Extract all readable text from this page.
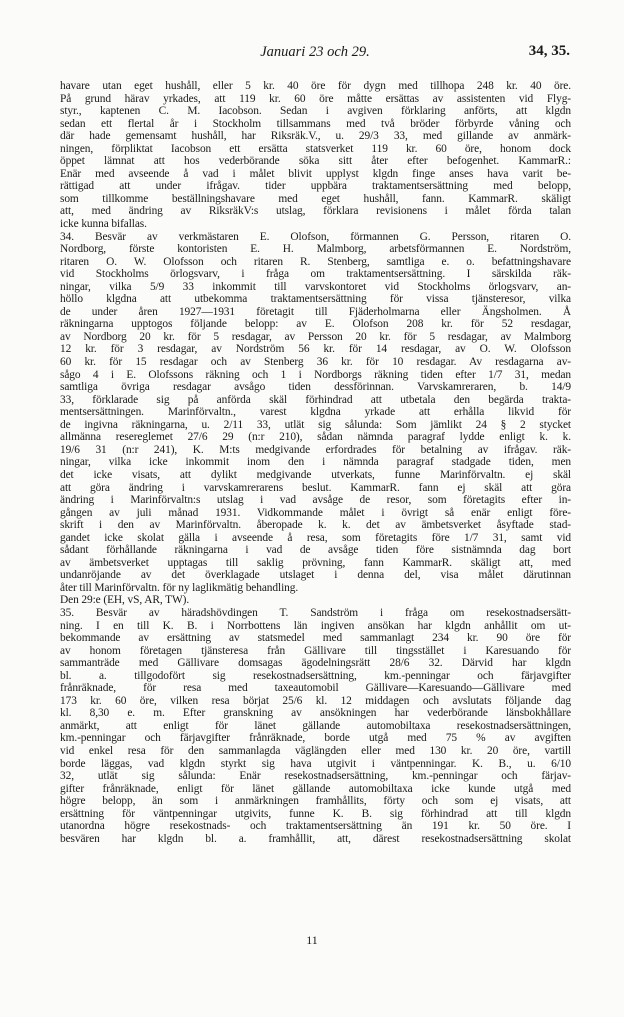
Januari 23 och 29.	34, 35.
havare utan eget hushåll, eller 5 kr. 40 öre för dygn med tillhopa 248 kr. 40 öre.
På grund härav yrkades, att 119 kr. 60 öre måtte ersättas av assistenten vid Flyg-
styr., kaptenen C. M. Iacobson. Sedan i avgiven förklaring anförts, att klgdn
sedan ett flertal år i Stockholm tillsammans med två bröder förbyrde våning och
där hade gemensamt hushåll, har Riksräk.V., u. 29/3 33, med gillande av anmärk-
ningen, förpliktat Iacobson ett ersätta statsverket 119 kr. 60 öre, honom dock
öppet lämnat att hos vederbörande söka sitt åter efter befogenhet. KammarR.:
Enär med avseende å vad i målet blivit upplyst klgdn finge anses hava varit be-
rättigad att under ifrågav. tider uppbära traktamentsersättning med belopp,
som tillkomme beställningshavare med eget hushåll, fann. KammarR. skäligt
att, med ändring av RiksräkV:s utslag, förklara revisionens i målet förda talan
icke kunna bifallas.
34. Besvär av verkmästaren E. Olofson, förmannen G. Persson, ritaren O.
Nordborg, förste kontoristen E. H. Malmborg, arbetsförmannen E. Nordström,
ritaren O. W. Olofsson och ritaren R. Stenberg, samtliga e. o. befattningshavare
vid Stockholms örlogsvarv, i fråga om traktamentsersättning. I särskilda räk-
ningar, vilka 5/9 33 inkommit till varvskontoret vid Stockholms örlogsvarv, an-
höllo klgdna att utbekomma traktamentsersättning för vissa tjänsteresor, vilka
de under åren 1927—1931 företagit till Fjäderholmarna eller Ängsholmen. Å
räkningarna upptogos följande belopp: av E. Olofson 208 kr. för 52 resdagar,
av Nordborg 20 kr. för 5 resdagar, av Persson 20 kr. för 5 resdagar, av Malmborg
12 kr. för 3 resdagar, av Nordström 56 kr. för 14 resdagar, av O. W. Olofsson
60 kr. för 15 resdagar och av Stenberg 36 kr. för 10 resdagar. Av resdagarna av-
sågo 4 i E. Olofssons räkning och 1 i Nordborgs räkning tiden efter 1/7 31, medan
samtliga övriga resdagar avsågo tiden dessförinnan. Varvskamreraren, b. 14/9
33, förklarade sig på anförda skäl förhindrad att utbetala den begärda trakta-
mentsersättningen. Marinförvaltn., varest klgdna yrkade att erhålla likvid för
de ingivna räkningarna, u. 2/11 33, utlät sig sålunda: Som jämlikt 24 § 2 stycket
allmänna resereglemet 27/6 29 (n:r 210), sådan nämnda paragraf lydde enligt k. k.
19/6 31 (n:r 241), K. M:ts medgivande erfordrades för betalning av ifrågav. räk-
ningar, vilka icke inkommit inom den i nämnda paragraf stadgade tiden, men
det icke visats, att dylikt medgivande utverkats, funne Marinförvaltn. ej skäl
att göra ändring i varvskamrerarens beslut. KammarR. fann ej skäl att göra
ändring i Marinförvaltn:s utslag i vad avsåge de resor, som företagits efter in-
gången av juli månad 1931. Vidkommande målet i övrigt så enär enligt före-
skrift i den av Marinförvaltn. åberopade k. k. det av ämbetsverket åsyftade stad-
gandet icke skolat gälla i avseende å resa, som företagits före 1/7 31, samt vid
sådant förhållande räkningarna i vad de avsåge tiden före sistnämnda dag bort
av ämbetsverket upptagas till saklig prövning, fann KammarR. skäligt att, med
undanröjande av det överklagade utslaget i denna del, visa målet därutinnan
åter till Marinförvaltn. för ny laglikmätig behandling.
Den 29:e (EH, vS, AR, TW).
35. Besvär av häradshövdingen T. Sandström i fråga om resekostnadsersätt-
ning. I en till K. B. i Norrbottens län ingiven ansökan har klgdn anhållit om ut-
bekommande av ersättning av statsmedel med sammanlagt 234 kr. 90 öre för
av honom företagen tjänsteresa från Gällivare till tingsstället i Karesuando för
sammanträde med Gällivare domsagas ägodelningsrätt 28/6 32. Därvid har klgdn
bl. a. tillgodofört sig resekostnadsersättning, km.-penningar och färjavgifter
frånräknade, för resa med taxeautomobil Gällivare—Karesuando—Gällivare med
173 kr. 60 öre, vilken resa börjat 25/6 kl. 12 middagen och avslutats följande dag
kl. 8,30 e. m. Efter granskning av ansökningen har vederbörande länsbokhållare
anmärkt, att enligt för länet gällande automobiltaxa resekostnadsersättningen,
km.-penningar och färjavgifter frånräknade, borde utgå med 75 % av avgiften
vid enkel resa för den sammanlagda väglängden eller med 130 kr. 20 öre, vartill
borde läggas, vad klgdn styrkt sig hava utgivit i väntpenningar. K. B., u. 6/10
32, utlät sig sålunda: Enär resekostnadsersättning, km.-penningar och färjav-
gifter frånräknade, enligt för länet gällande automobiltaxa icke kunde utgå med
högre belopp, än som i anmärkningen framhållits, förty och som ej visats, att
ersättning för väntpenningar utgivits, funne K. B. sig förhindrad att till klgdn
utanordna högre resekostnads- och traktamentsersättning än 191 kr. 50 öre. I
besvären har klgdn bl. a. framhållit, att, därest resekostnadsersättning skolat
11
